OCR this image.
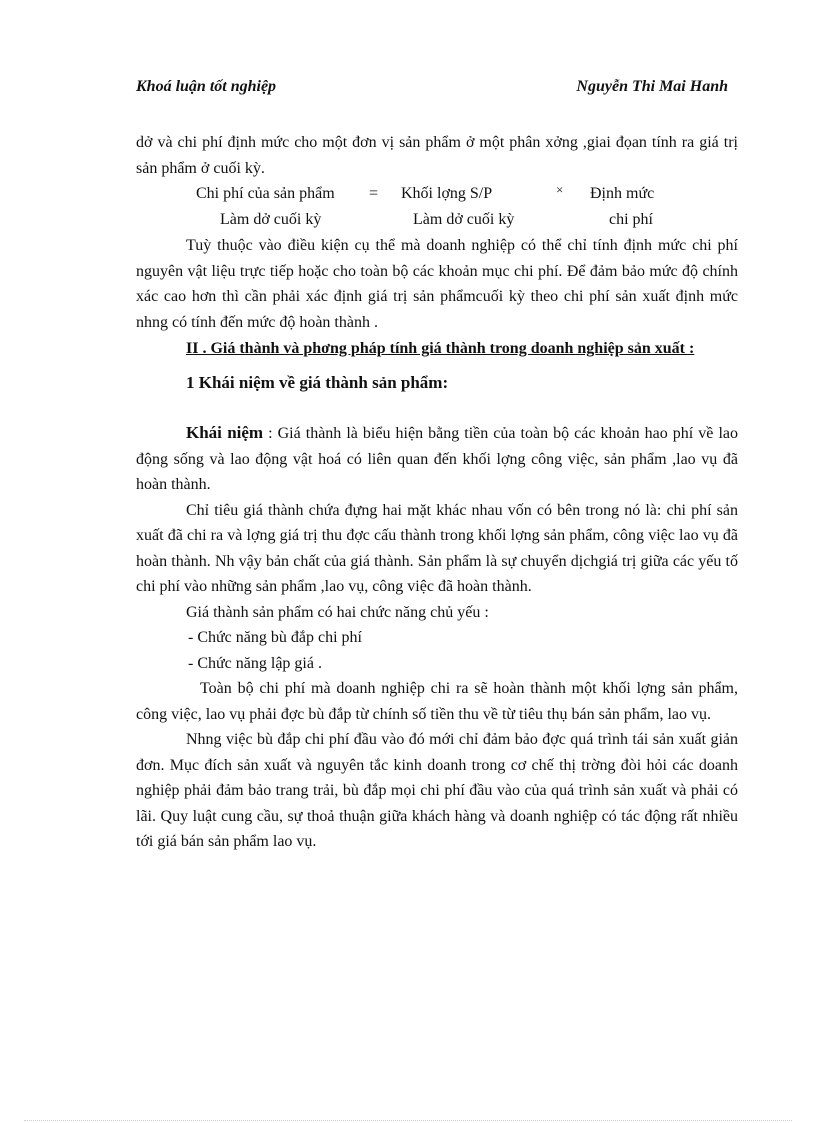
Khoá luận tốt nghiệp	Nguyễn Thi Mai Hanh

dở và chi phí định mức cho một đơn vị sản phẩm ở một phân xởng ,giai đọan tính ra giá trị sản phẩm ở cuối kỳ.

Chi phí của sản phẩm = Khối lợng S/P	× Định mức
Làm dở cuối kỳ	Làm dở cuối kỳ	chi phí

Tuỳ thuộc vào điều kiện cụ thể mà doanh nghiệp có thể chỉ tính định mức chi phí nguyên vật liệu trực tiếp hoặc cho toàn bộ các khoản mục chi phí. Để đảm bảo mức độ chính xác cao hơn thì cần phải xác định giá trị sản phẩmcuối kỳ theo chi phí sản xuất định mức nhng có tính đến mức độ hoàn thành .

II . Giá thành và phơng pháp tính giá thành trong doanh nghiệp sản xuất :

1 Khái niệm về giá thành sản phẩm:

Khái niệm : Giá thành là biểu hiện bằng tiền của toàn bộ các khoản hao phí về lao động sống và lao động vật hoá có liên quan đến khối lợng công việc, sản phẩm ,lao vụ đã hoàn thành.

Chỉ tiêu giá thành chứa đựng hai mặt khác nhau vốn có bên trong nó là: chi phí sản xuất đã chi ra và lợng giá trị thu đợc cấu thành trong khối lợng sản phẩm, công việc lao vụ đã hoàn thành. Nh vậy bản chất của giá thành. Sản phẩm là sự chuyển dịchgiá trị giữa các yếu tố chi phí vào những sản phẩm ,lao vụ, công việc đã hoàn thành.

Giá thành sản phẩm có hai chức năng chủ yếu :

- Chức năng bù đắp chi phí

- Chức năng lập giá .

Toàn bộ chi phí mà doanh nghiệp chi ra sẽ hoàn thành một khối lợng sản phẩm, công việc, lao vụ phải đợc bù đắp từ chính số tiền thu về từ tiêu thụ bán sản phẩm, lao vụ.

Nhng việc bù đắp chi phí đầu vào đó mới chỉ đảm bảo đợc quá trình tái sản xuất giản đơn. Mục đích sản xuất và nguyên tắc kinh doanh trong cơ chế thị trờng đòi hỏi các doanh nghiệp phải đảm bảo trang trải, bù đắp mọi chi phí đầu vào của quá trình sản xuất và phải có lãi. Quy luật cung cầu, sự thoả thuận giữa khách hàng và doanh nghiệp có tác động rất nhiều tới giá bán sản phẩm lao vụ.
